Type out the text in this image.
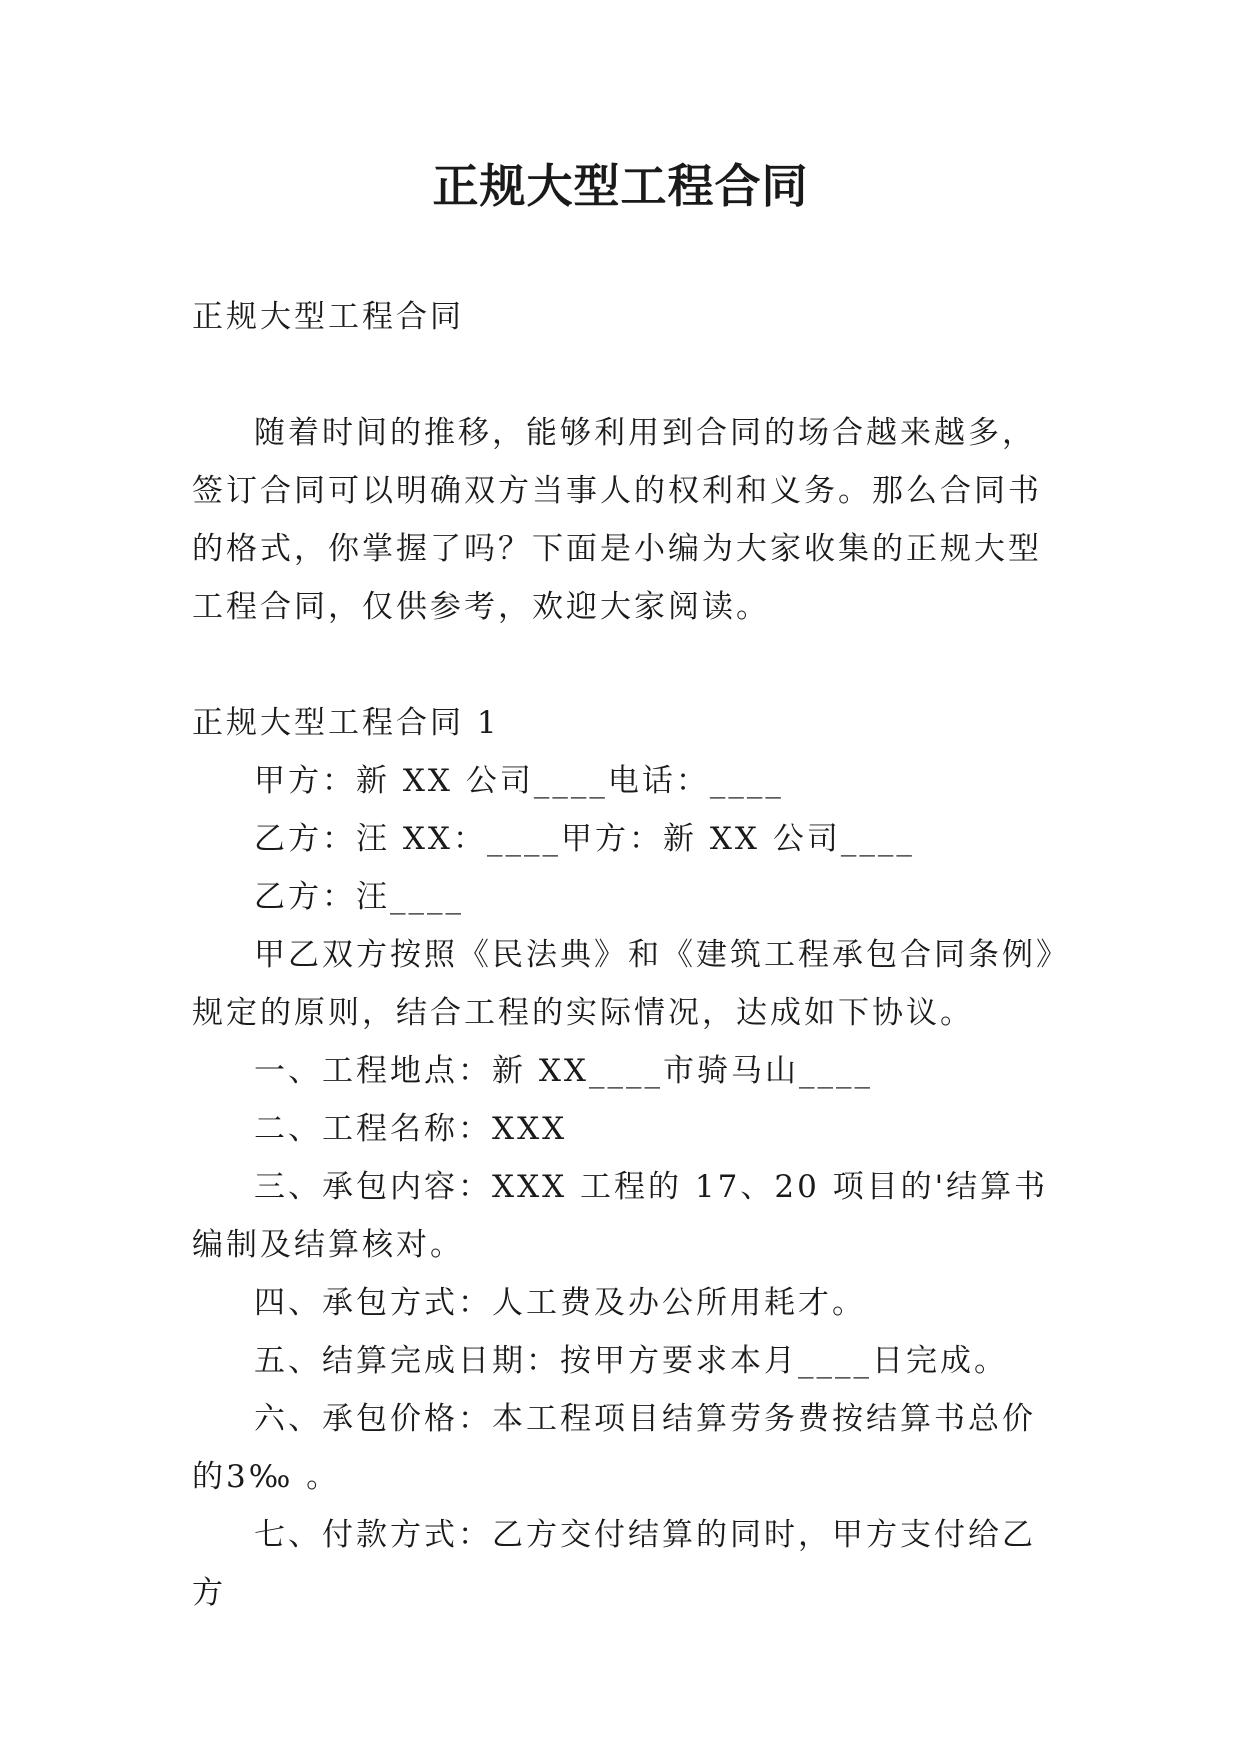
正规大型工程合同

正规大型工程合同

随着时间的推移，能够利用到合同的场合越来越多，签订合同可以明确双方当事人的权利和义务。那么合同书的格式，你掌握了吗？下面是小编为大家收集的正规大型工程合同，仅供参考，欢迎大家阅读。

正规大型工程合同 1

甲方：新 XX 公司____电话：____

乙方：汪 XX：____甲方：新 XX 公司____

乙方：汪____

甲乙双方按照《民法典》和《建筑工程承包合同条例》规定的原则，结合工程的实际情况，达成如下协议。

一、工程地点：新 XX____市骑马山____

二、工程名称：XXX

三、承包内容：XXX 工程的 17、20 项目的'结算书编制及结算核对。

四、承包方式：人工费及办公所用耗才。

五、结算完成日期：按甲方要求本月____日完成。

六、承包价格：本工程项目结算劳务费按结算书总价的3‰ 。

七、付款方式：乙方交付结算的同时，甲方支付给乙方
